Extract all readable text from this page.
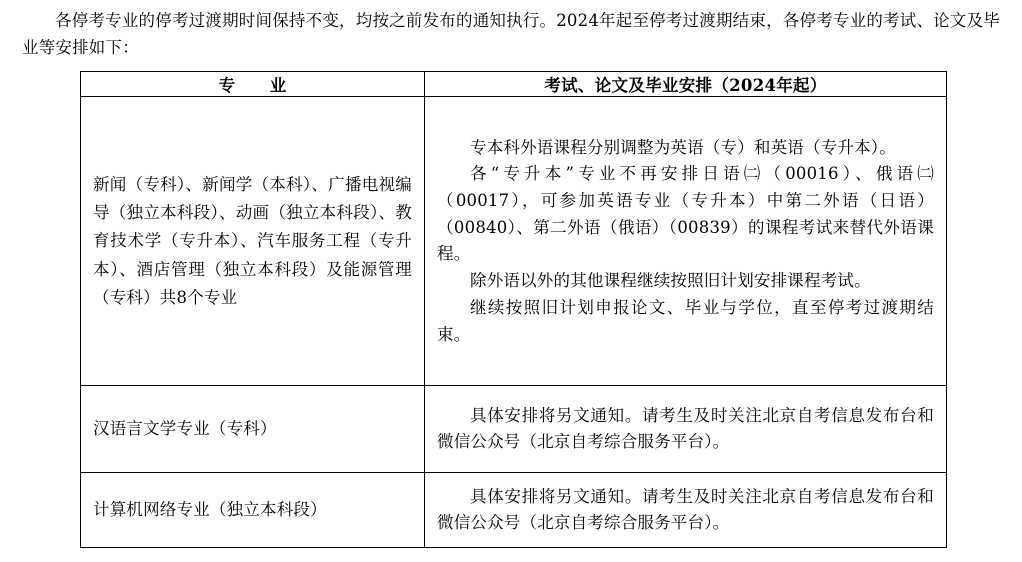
各停考专业的停考过渡期时间保持不变，均按之前发布的通知执行。2024年起至停考过渡期结束，各停考专业的考试、论文及毕业等安排如下：
专　业	考试、论文及毕业安排（2024年起）

新闻（专科）、新闻学（本科）、广播电视编导（独立本科段）、动画（独立本科段）、教育技术学（专升本）、汽车服务工程（专升本）、酒店管理（独立本科段）及能源管理（专科）共8个专业	专本科外语课程分别调整为英语（专）和英语（专升本）。

各“专升本”专业不再安排日语㈡（00016）、俄语㈡（00017），可参加英语专业（专升本）中第二外语（日语）（00840）、第二外语（俄语）（00839）的课程考试来替代外语课程。

除外语以外的其他课程继续按照旧计划安排课程考试。

继续按照旧计划申报论文、毕业与学位，直至停考过渡期结束。

汉语言文学专业（专科）	具体安排将另文通知。请考生及时关注北京自考信息发布台和微信公众号（北京自考综合服务平台）。

计算机网络专业（独立本科段）	具体安排将另文通知。请考生及时关注北京自考信息发布台和微信公众号（北京自考综合服务平台）。
